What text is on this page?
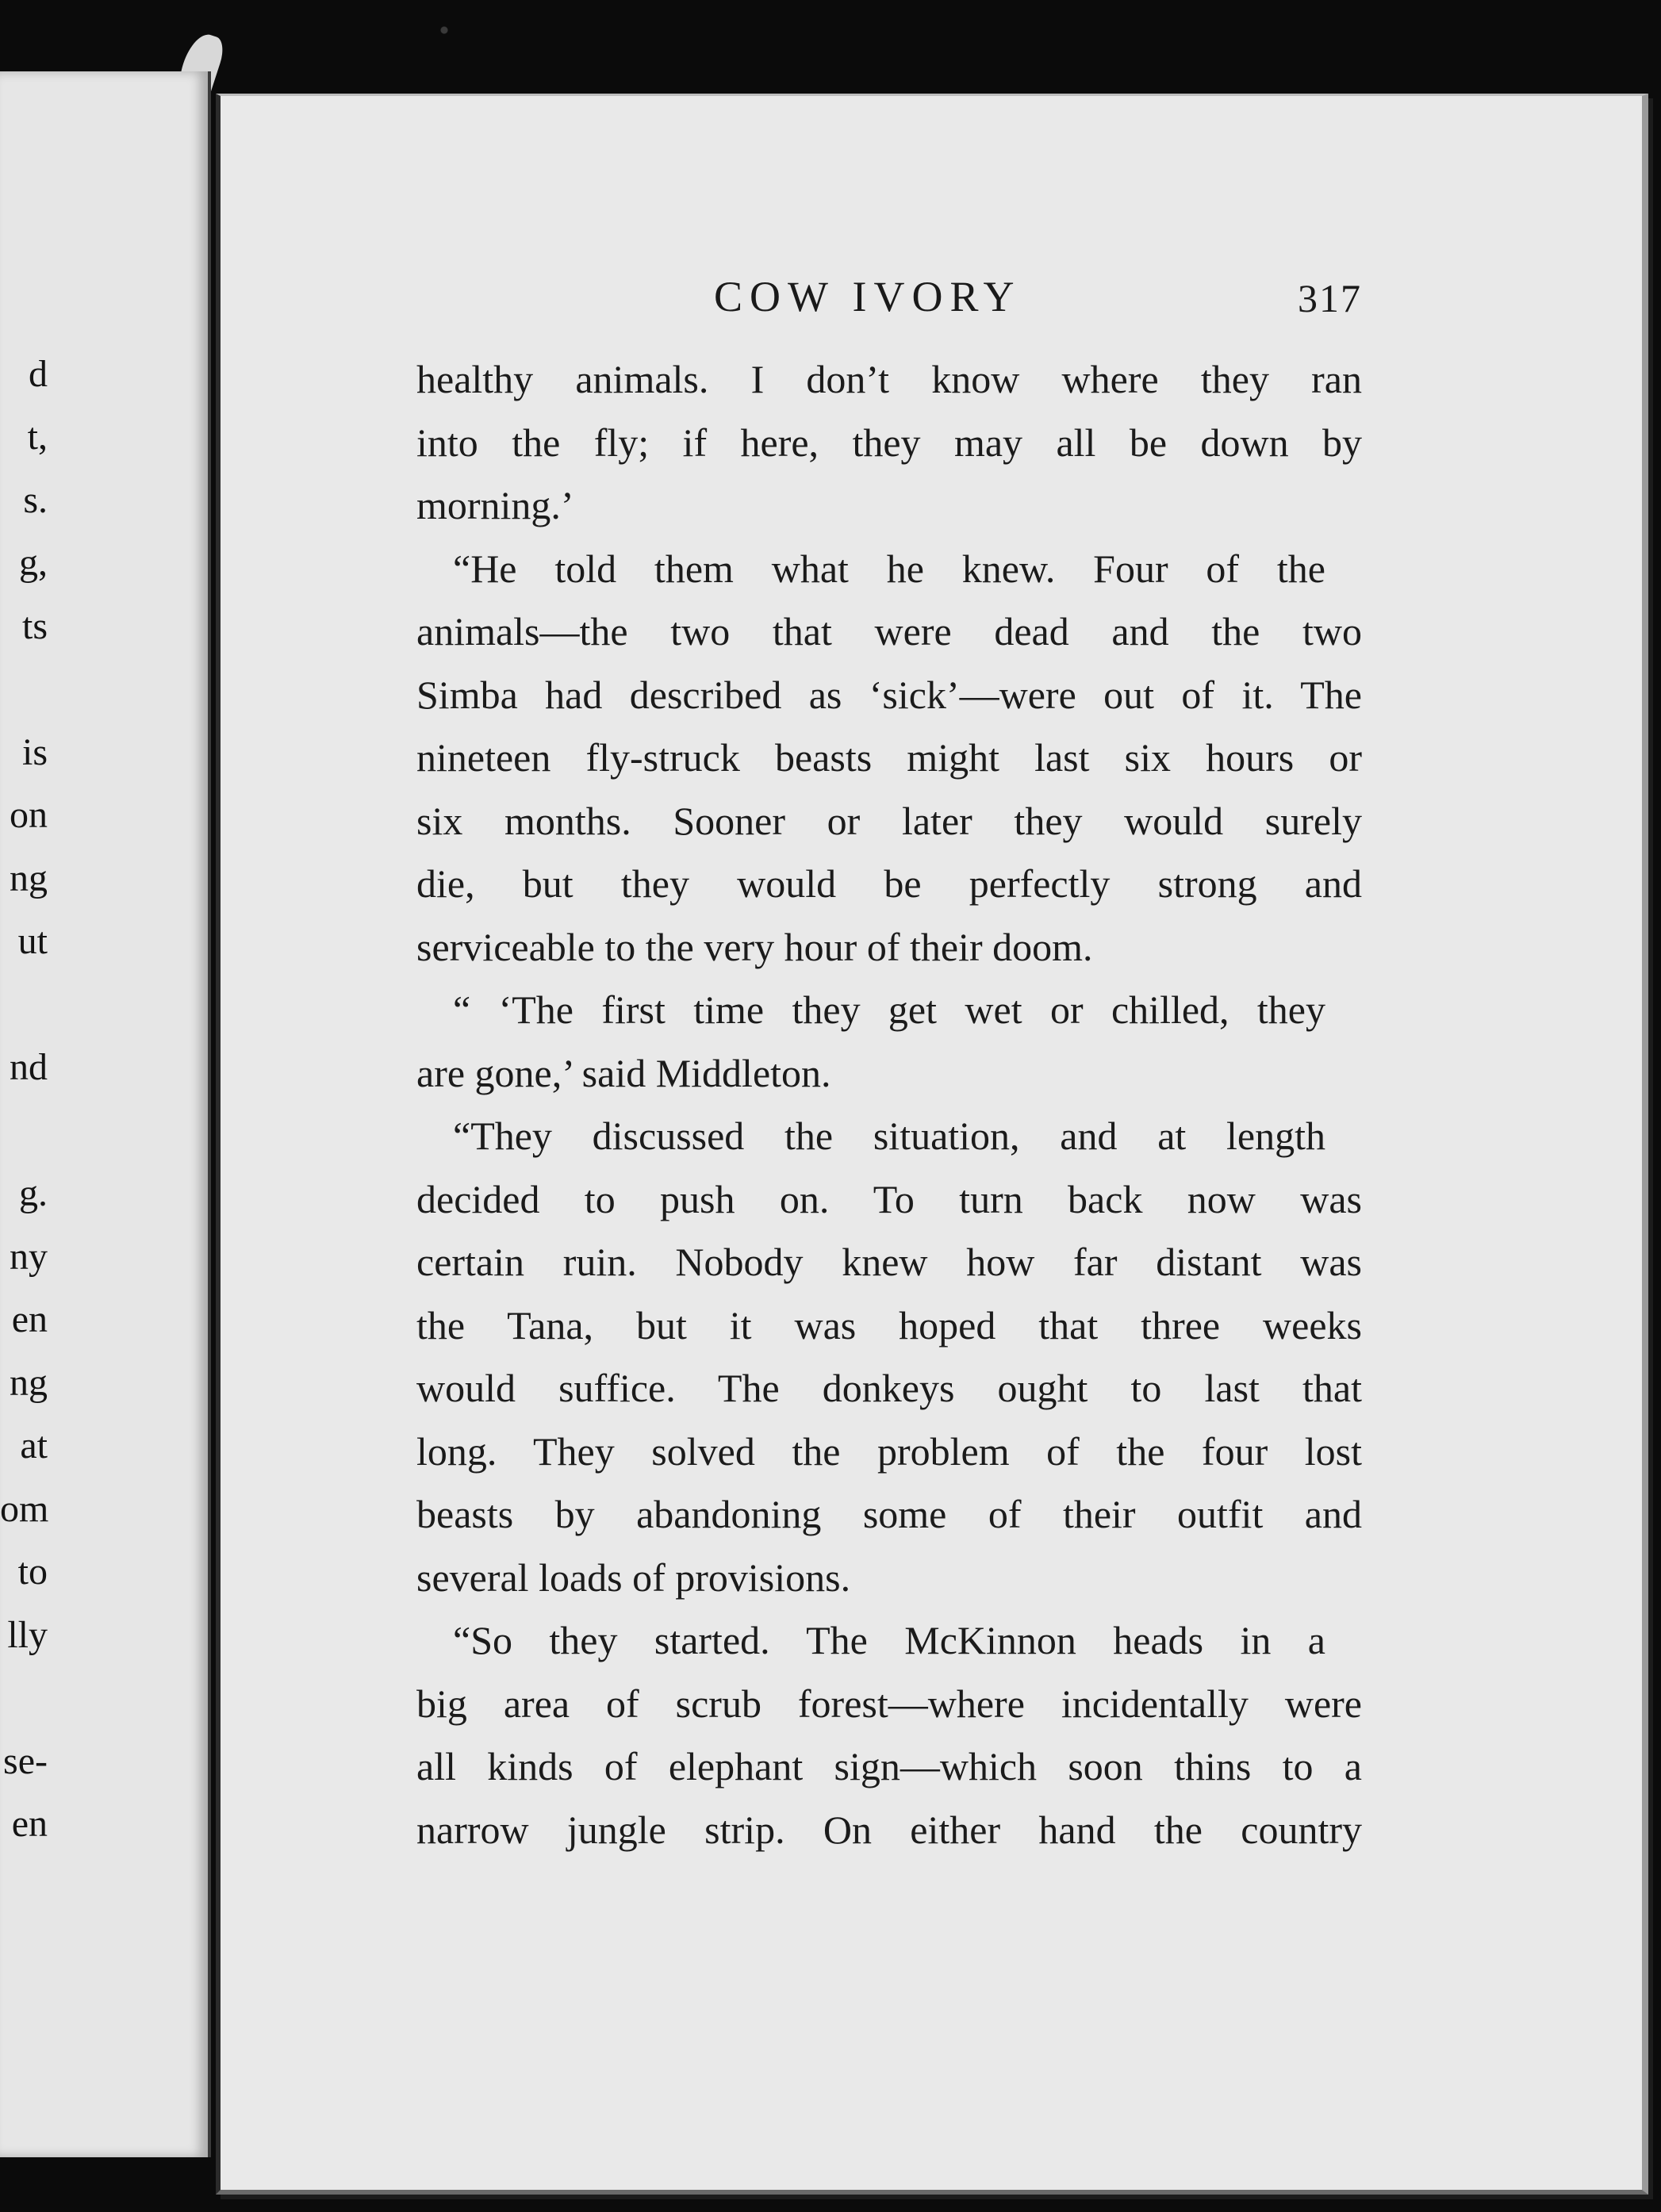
d
t,
s.
g,
ts
is
on
ng
ut
nd
g.
ny
en
ng
at
om
to
lly
se-
en
COW IVORY	317
healthy animals. I don’t know where they ran
into the fly; if here, they may all be down by
morning.’
“He told them what he knew. Four of the
animals—the two that were dead and the two
Simba had described as ‘sick’—were out of it. The
nineteen fly-struck beasts might last six hours or
six months. Sooner or later they would surely
die, but they would be perfectly strong and
serviceable to the very hour of their doom.
“ ‘The first time they get wet or chilled, they
are gone,’ said Middleton.
“They discussed the situation, and at length
decided to push on. To turn back now was
certain ruin. Nobody knew how far distant was
the Tana, but it was hoped that three weeks
would suffice. The donkeys ought to last that
long. They solved the problem of the four lost
beasts by abandoning some of their outfit and
several loads of provisions.
“So they started. The McKinnon heads in a
big area of scrub forest—where incidentally were
all kinds of elephant sign—which soon thins to a
narrow jungle strip. On either hand the country
